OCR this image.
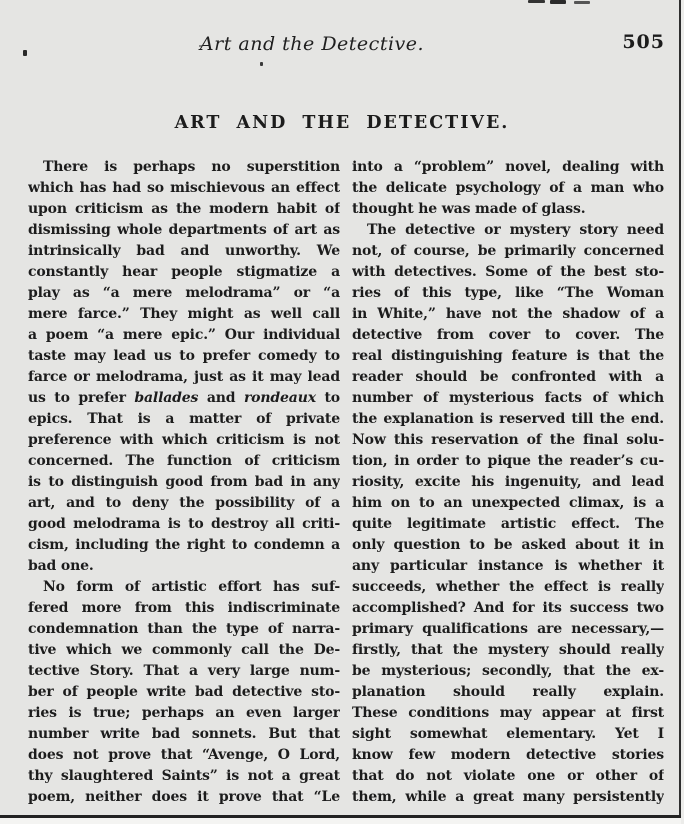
Art and the Detective.	505
ART AND THE DETECTIVE.
There is perhaps no superstition
which has had so mischievous an effect
upon criticism as the modern habit of
dismissing whole departments of art as
intrinsically bad and unworthy. We
constantly hear people stigmatize a
play as “a mere melodrama” or “a
mere farce.” They might as well call
a poem “a mere epic.” Our individual
taste may lead us to prefer comedy to
farce or melodrama, just as it may lead
us to prefer ballades and rondeaux to
epics. That is a matter of private
preference with which criticism is not
concerned. The function of criticism
is to distinguish good from bad in any
art, and to deny the possibility of a
good melodrama is to destroy all criti-
cism, including the right to condemn a
bad one.
No form of artistic effort has suf-
fered more from this indiscriminate
condemnation than the type of narra-
tive which we commonly call the De-
tective Story. That a very large num-
ber of people write bad detective sto-
ries is true; perhaps an even larger
number write bad sonnets. But that
does not prove that “Avenge, O Lord,
thy slaughtered Saints” is not a great
poem, neither does it prove that “Le
into a “problem” novel, dealing with
the delicate psychology of a man who
thought he was made of glass.
The detective or mystery story need
not, of course, be primarily concerned
with detectives. Some of the best sto-
ries of this type, like “The Woman
in White,” have not the shadow of a
detective from cover to cover. The
real distinguishing feature is that the
reader should be confronted with a
number of mysterious facts of which
the explanation is reserved till the end.
Now this reservation of the final solu-
tion, in order to pique the reader’s cu-
riosity, excite his ingenuity, and lead
him on to an unexpected climax, is a
quite legitimate artistic effect. The
only question to be asked about it in
any particular instance is whether it
succeeds, whether the effect is really
accomplished? And for its success two
primary qualifications are necessary,—
firstly, that the mystery should really
be mysterious; secondly, that the ex-
planation should really explain.
These conditions may appear at first
sight somewhat elementary. Yet I
know few modern detective stories
that do not violate one or other of
them, while a great many persistently
